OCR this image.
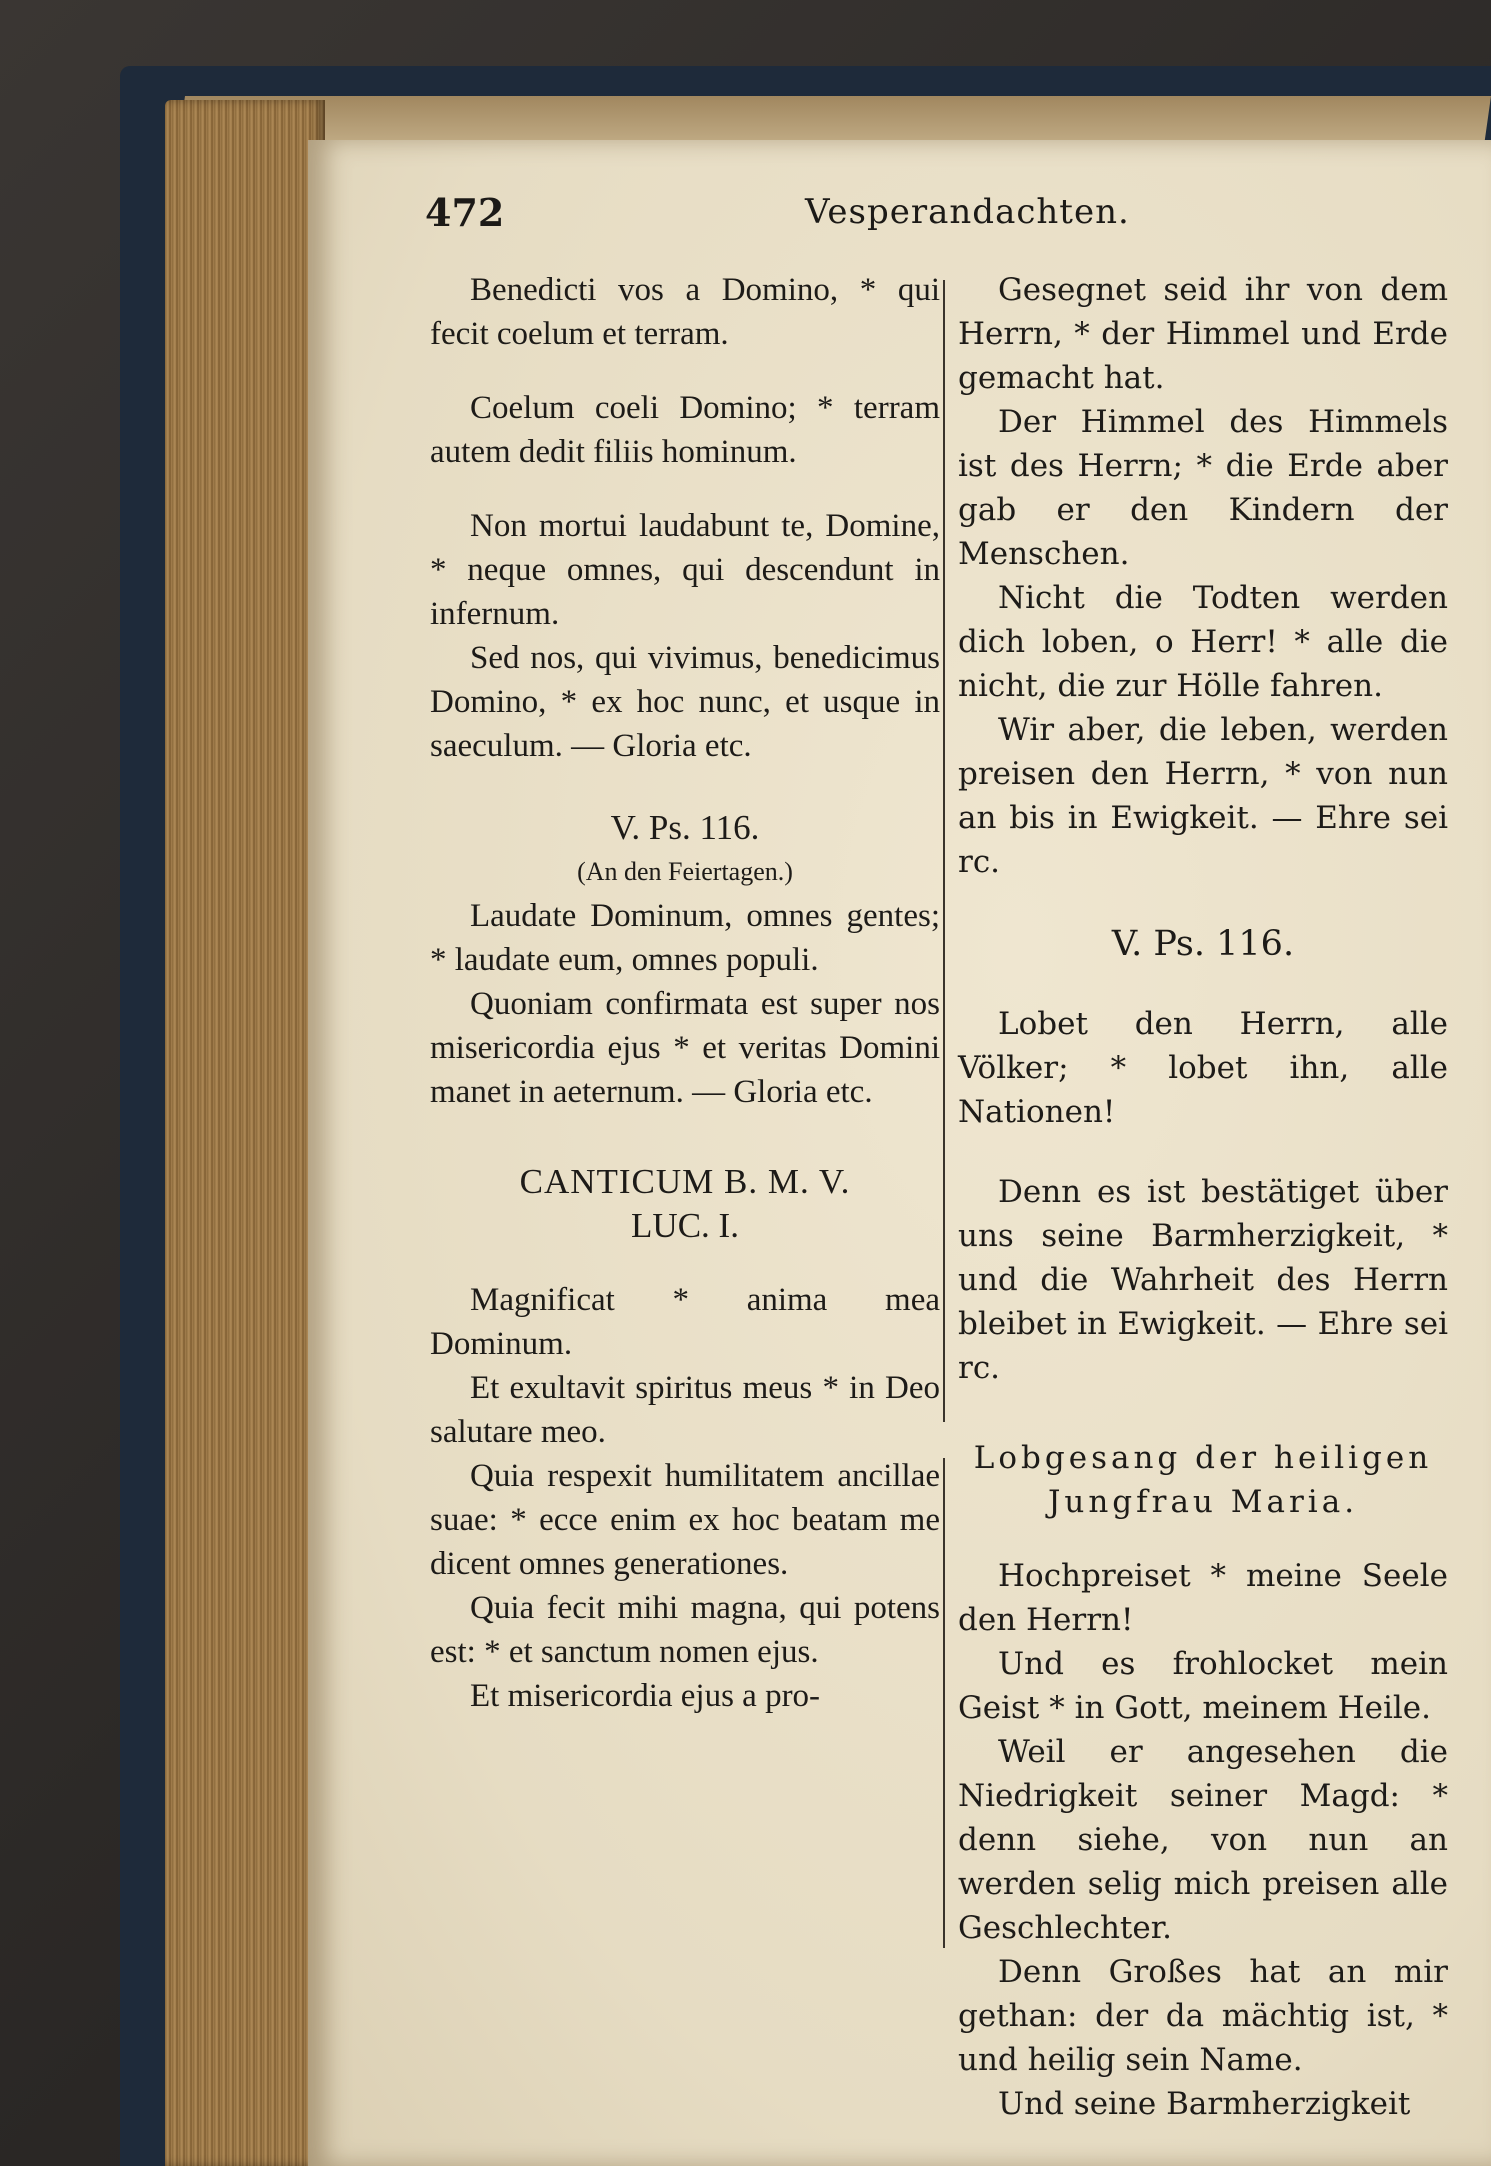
472	Vesperandachten.

Benedicti vos a Domino, * qui fecit coelum et terram.

Coelum coeli Domino; * terram autem dedit filiis hominum.

Non mortui laudabunt te, Domine, * neque omnes, qui descendunt in infernum.

Sed nos, qui vivimus, benedicimus Domino, * ex hoc nunc, et usque in saeculum. — Gloria etc.

V. Ps. 116.

(An den Feiertagen.)

Laudate Dominum, omnes gentes; * laudate eum, omnes populi.

Quoniam confirmata est super nos misericordia ejus * et veritas Domini manet in aeternum. — Gloria etc.

CANTICUM B. M. V.

LUC. I.

Magnificat * anima mea Dominum.

Et exultavit spiritus meus * in Deo salutare meo.

Quia respexit humilitatem ancillae suae: * ecce enim ex hoc beatam me dicent omnes generationes.

Quia fecit mihi magna, qui potens est: * et sanctum nomen ejus.

Et misericordia ejus a pro-

Gesegnet seid ihr von dem Herrn, * der Himmel und Erde gemacht hat.

Der Himmel des Himmels ist des Herrn; * die Erde aber gab er den Kindern der Menschen.

Nicht die Todten werden dich loben, o Herr! * alle die nicht, die zur Hölle fahren.

Wir aber, die leben, werden preisen den Herrn, * von nun an bis in Ewigkeit. — Ehre sei rc.

V. Ps. 116.

Lobet den Herrn, alle Völker; * lobet ihn, alle Nationen!

Denn es ist bestätiget über uns seine Barmherzigkeit, * und die Wahrheit des Herrn bleibet in Ewigkeit. — Ehre sei rc.

Lobgesang der heiligen

Jungfrau Maria.

Hochpreiset * meine Seele den Herrn!

Und es frohlocket mein Geist * in Gott, meinem Heile.

Weil er angesehen die Niedrigkeit seiner Magd: * denn siehe, von nun an werden selig mich preisen alle Geschlechter.

Denn Großes hat an mir gethan: der da mächtig ist, * und heilig sein Name.

Und seine Barmherzigkeit
